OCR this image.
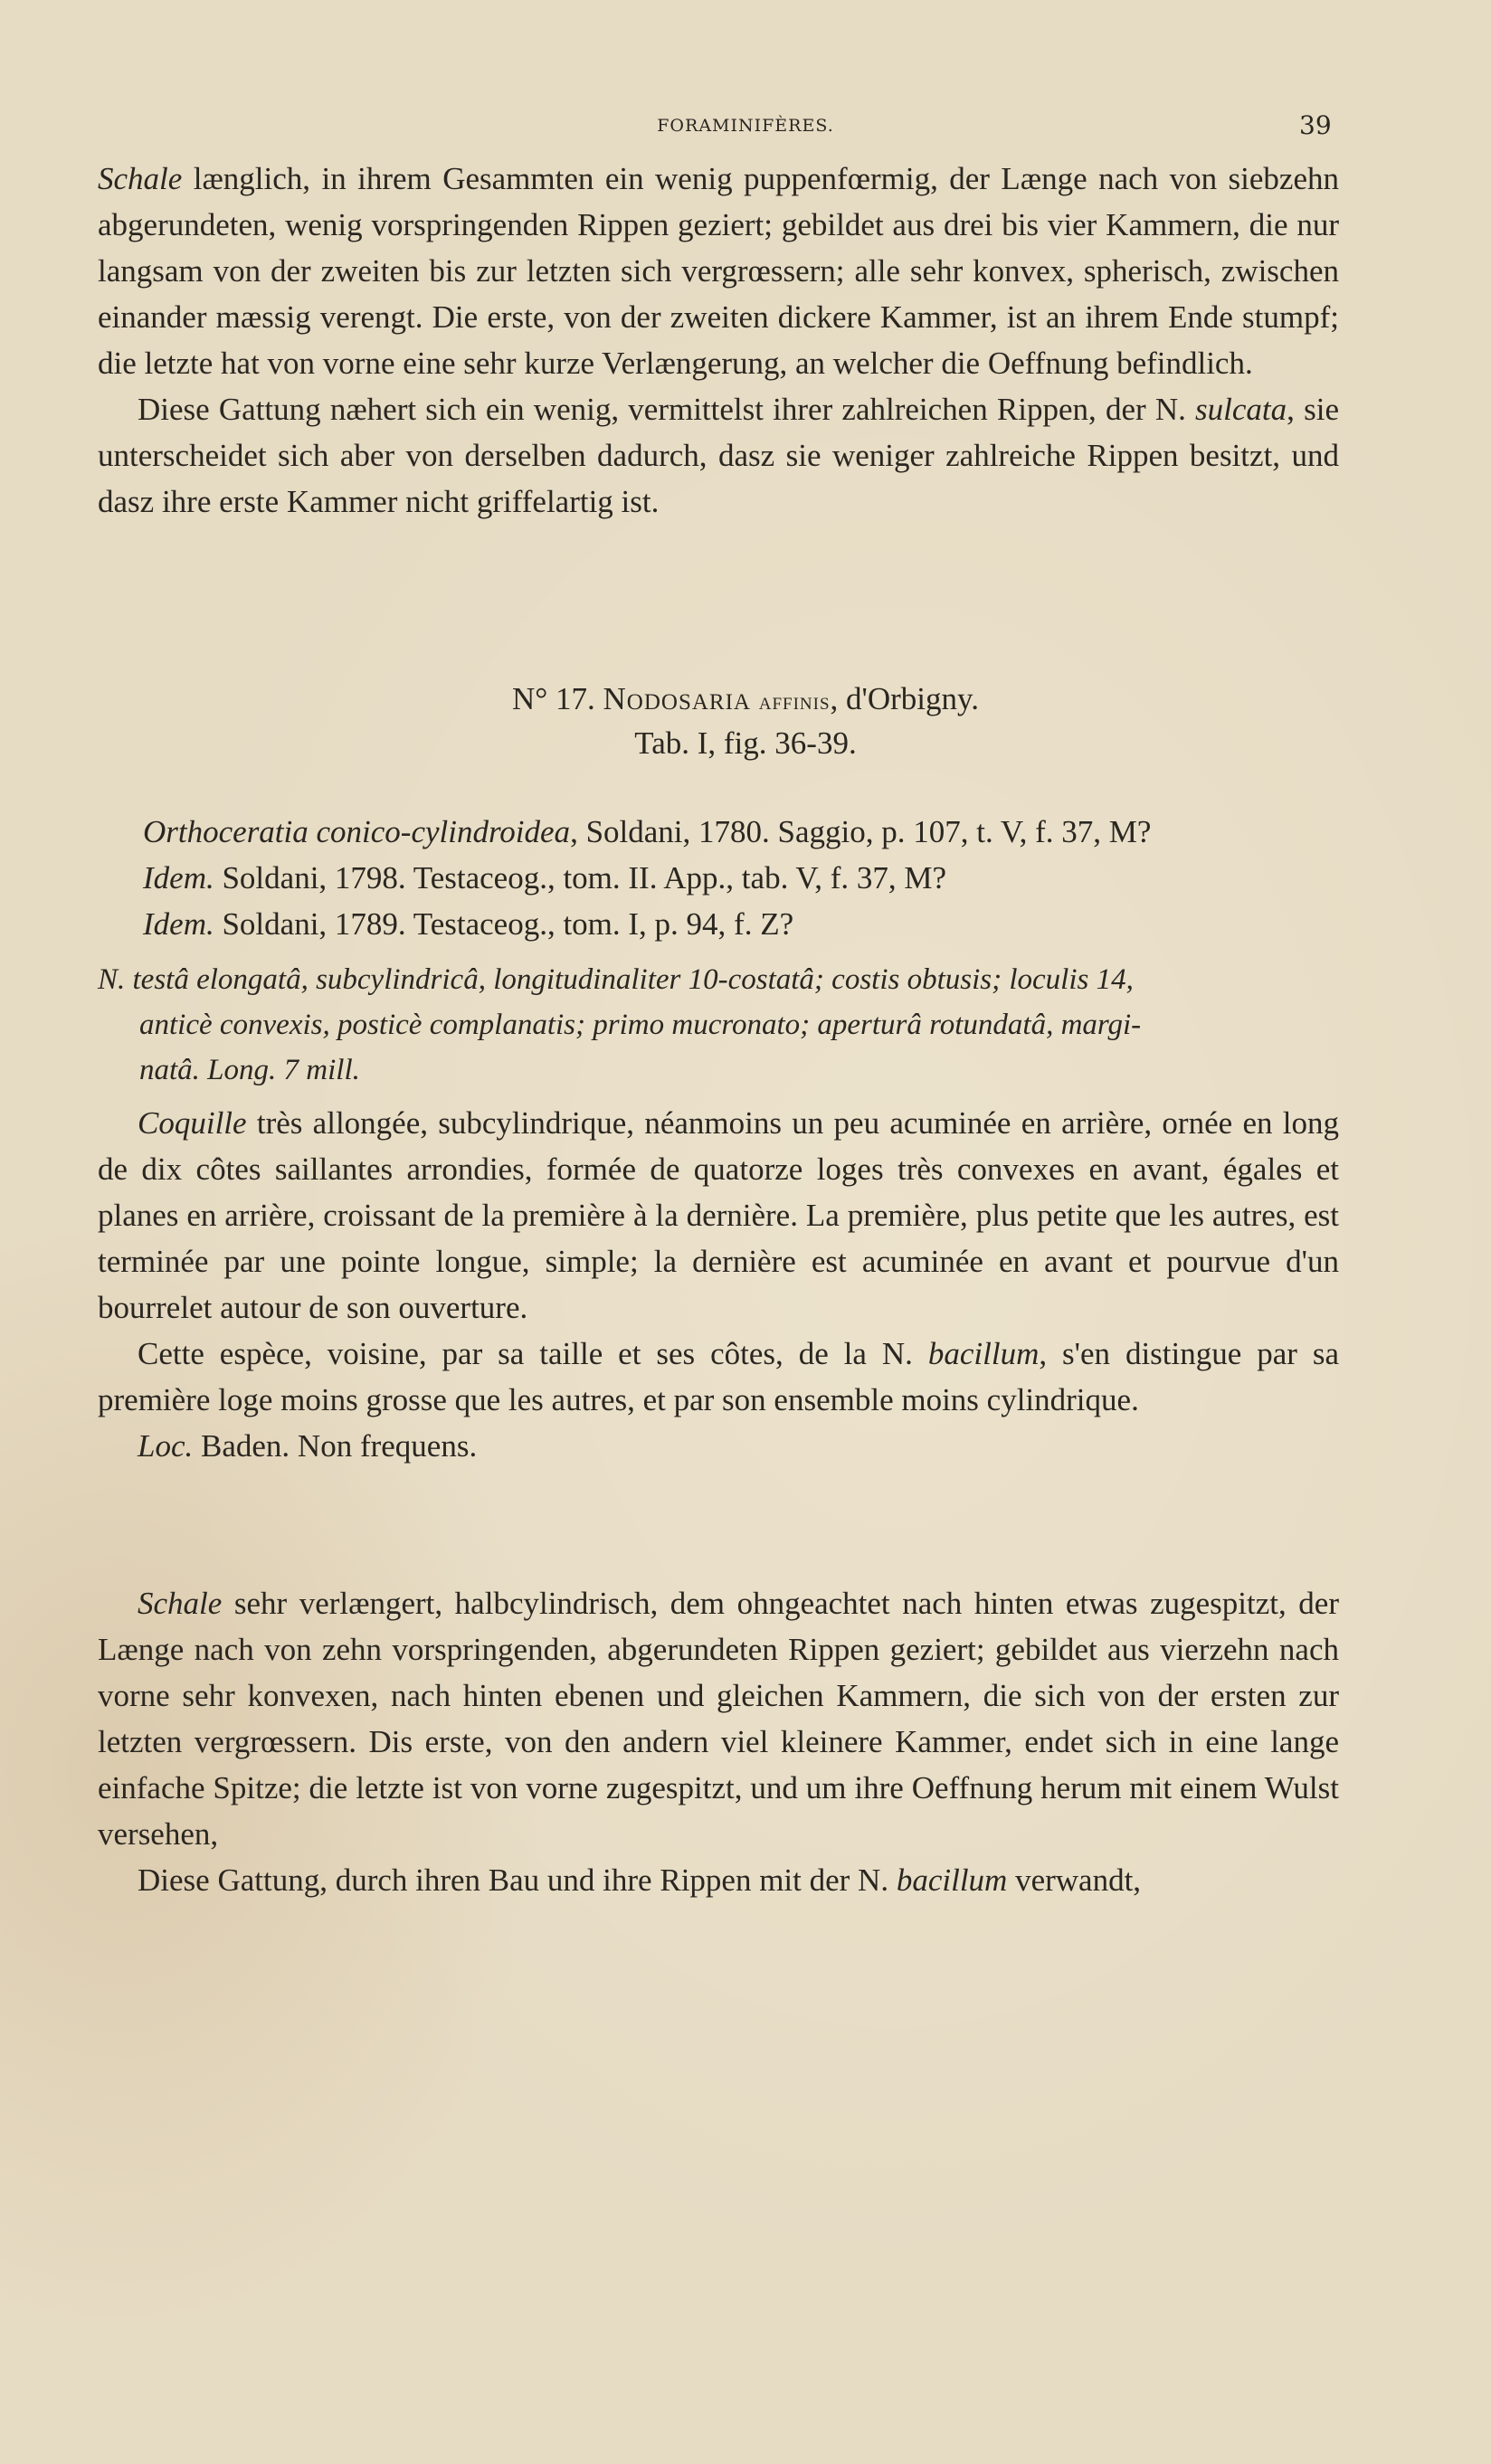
FORAMINIFÈRES.	39

Schale længlich, in ihrem Gesammten ein wenig puppenfœrmig, der Længe nach von siebzehn abgerundeten, wenig vorspringenden Rippen geziert; gebildet aus drei bis vier Kammern, die nur langsam von der zweiten bis zur letzten sich vergrœssern; alle sehr konvex, spherisch, zwischen einander mæssig verengt. Die erste, von der zweiten dickere Kammer, ist an ihrem Ende stumpf; die letzte hat von vorne eine sehr kurze Verlængerung, an welcher die Oeffnung befindlich.

Diese Gattung næhert sich ein wenig, vermittelst ihrer zahlreichen Rippen, der N. sulcata, sie unterscheidet sich aber von derselben dadurch, dasz sie weniger zahlreiche Rippen besitzt, und dasz ihre erste Kammer nicht griffelartig ist.

N° 17. Nodosaria affinis, d'Orbigny.
Tab. I, fig. 36-39.
Orthoceratia conico-cylindroidea, Soldani, 1780. Saggio, p. 107, t. V, f. 37, M?
Idem. Soldani, 1798. Testaceog., tom. II. App., tab. V, f. 37, M?
Idem. Soldani, 1789. Testaceog., tom. I, p. 94, f. Z?
N. testâ elongatâ, subcylindricâ, longitudinaliter 10-costatâ; costis obtusis; loculis 14,
anticè convexis, posticè complanatis; primo mucronato; aperturâ rotundatâ, margi-
natâ. Long. 7 mill.

Coquille très allongée, subcylindrique, néanmoins un peu acuminée en arrière, ornée en long de dix côtes saillantes arrondies, formée de quatorze loges très convexes en avant, égales et planes en arrière, croissant de la première à la dernière. La première, plus petite que les autres, est terminée par une pointe longue, simple; la dernière est acuminée en avant et pourvue d'un bourrelet autour de son ouverture.

Cette espèce, voisine, par sa taille et ses côtes, de la N. bacillum, s'en distingue par sa première loge moins grosse que les autres, et par son ensemble moins cylindrique.

Loc. Baden. Non frequens.

Schale sehr verlængert, halbcylindrisch, dem ohngeachtet nach hinten etwas zugespitzt, der Længe nach von zehn vorspringenden, abgerundeten Rippen geziert; gebildet aus vierzehn nach vorne sehr konvexen, nach hinten ebenen und gleichen Kammern, die sich von der ersten zur letzten vergrœssern. Dis erste, von den andern viel kleinere Kammer, endet sich in eine lange einfache Spitze; die letzte ist von vorne zugespitzt, und um ihre Oeffnung herum mit einem Wulst versehen,

Diese Gattung, durch ihren Bau und ihre Rippen mit der N. bacillum verwandt,
